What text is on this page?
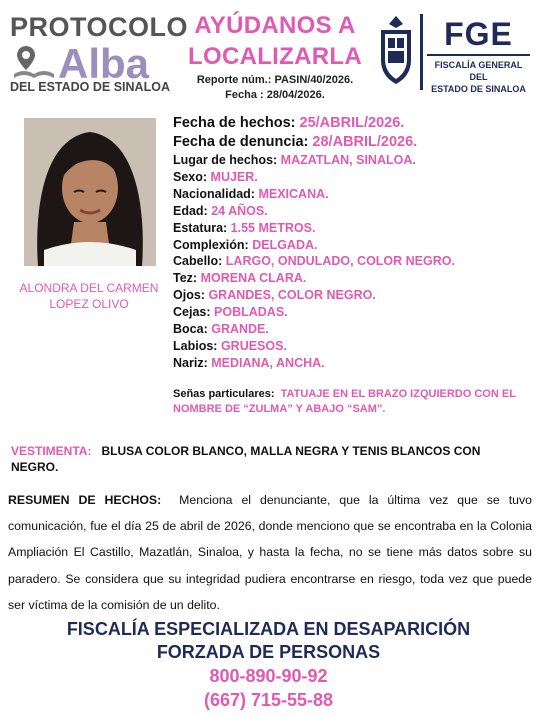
PROTOCOLO
Alba
DEL ESTADO DE SINALOA
AYÚDANOS A
LOCALIZARLA
Reporte núm.: PASIN/40/2026.
Fecha : 28/04/2026.
FGE
FISCALÍA GENERAL DEL
ESTADO DE SINALOA
ALONDRA DEL CARMEN
LOPEZ OLIVO
Fecha de hechos: 25/ABRIL/2026.
Fecha de denuncia: 28/ABRIL/2026.
Lugar de hechos: MAZATLAN, SINALOA.
Sexo: MUJER.
Nacionalidad: MEXICANA.
Edad: 24 AÑOS.
Estatura: 1.55 METROS.
Complexión: DELGADA.
Cabello: LARGO, ONDULADO, COLOR NEGRO.
Tez: MORENA CLARA.
Ojos: GRANDES, COLOR NEGRO.
Cejas: POBLADAS.
Boca: GRANDE.
Labios: GRUESOS.
Nariz: MEDIANA, ANCHA.
Señas particulares: TATUAJE EN EL BRAZO IZQUIERDO CON EL NOMBRE DE “ZULMA” Y ABAJO “SAM”.
VESTIMENTA: BLUSA COLOR BLANCO, MALLA NEGRA Y TENIS BLANCOS CON NEGRO.
RESUMEN DE HECHOS: Menciona el denunciante, que la última vez que se tuvo comunicación, fue el día 25 de abril de 2026, donde menciono que se encontraba en la Colonia Ampliación El Castillo, Mazatlán, Sinaloa, y hasta la fecha, no se tiene más datos sobre su paradero. Se considera que su integridad pudiera encontrarse en riesgo, toda vez que puede ser víctima de la comisión de un delito.
FISCALÍA ESPECIALIZADA EN DESAPARICIÓN
FORZADA DE PERSONAS
800-890-90-92
(667) 715-55-88
